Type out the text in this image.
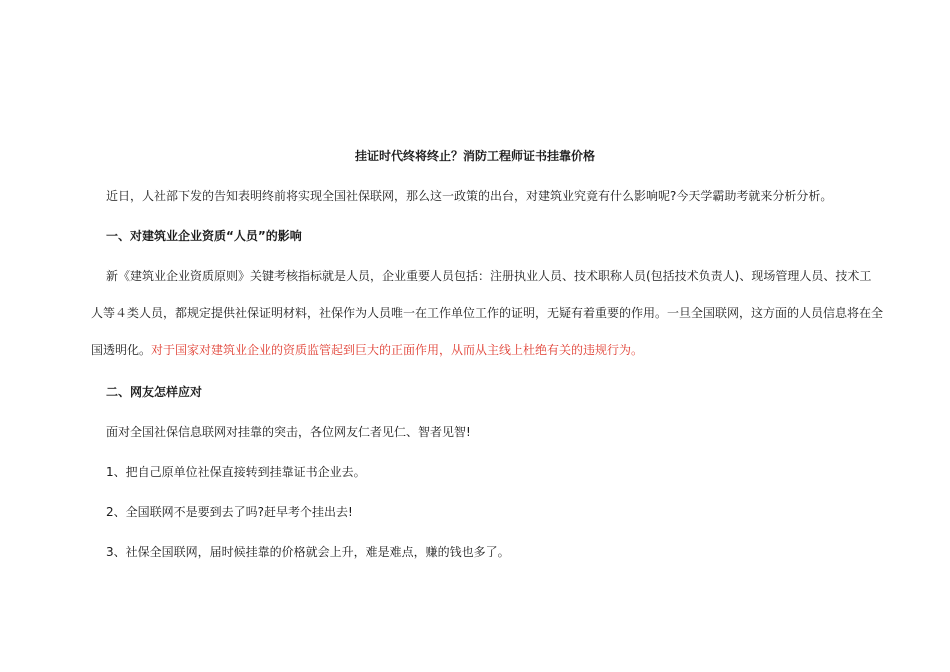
挂证时代终将终止？消防工程师证书挂靠价格
近日，人社部下发的告知表明终前将实现全国社保联网，那么这一政策的出台，对建筑业究竟有什么影响呢?今天学霸助考就来分析分析。
一、对建筑业企业资质“人员”的影响
新《建筑业企业资质原则》关键考核指标就是人员，企业重要人员包括：注册执业人员、技术职称人员(包括技术负责人)、现场管理人员、技术工
人等４类人员，都规定提供社保证明材料，社保作为人员唯一在工作单位工作的证明，无疑有着重要的作用。一旦全国联网，这方面的人员信息将在全
国透明化。对于国家对建筑业企业的资质监管起到巨大的正面作用，从而从主线上杜绝有关的违规行为。
二、网友怎样应对
面对全国社保信息联网对挂靠的突击，各位网友仁者见仁、智者见智!
1、把自己原单位社保直接转到挂靠证书企业去。
2、全国联网不是要到去了吗?赶早考个挂出去!
3、社保全国联网，届时候挂靠的价格就会上升，难是难点，赚的钱也多了。
